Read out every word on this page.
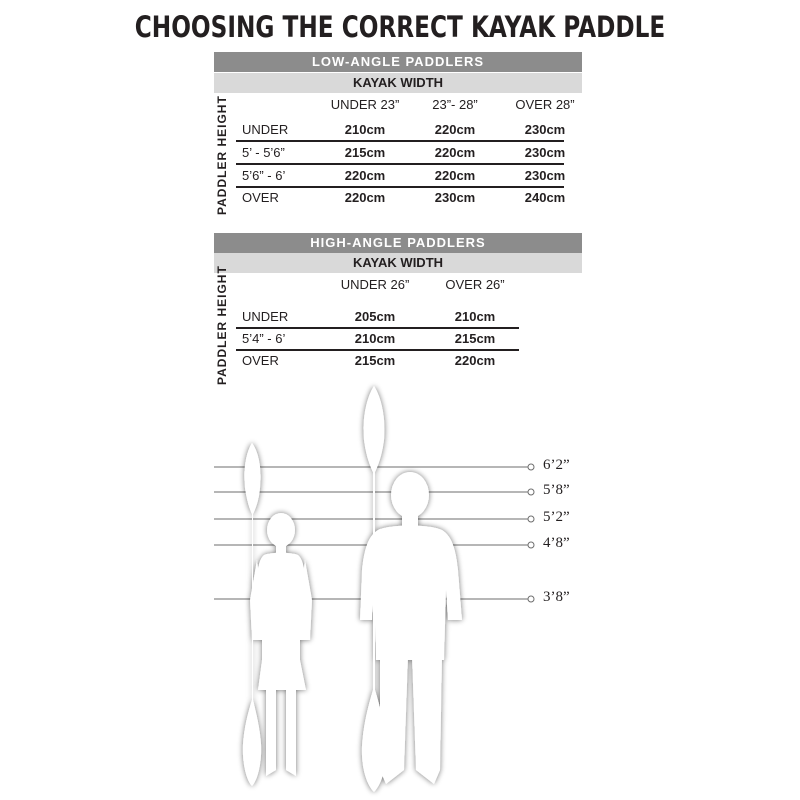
CHOOSING THE CORRECT KAYAK PADDLE
LOW-ANGLE PADDLERS
KAYAK WIDTH
PADDLER HEIGHT	UNDER 23”	23”- 28”	OVER 28”
UNDER	210cm	220cm	230cm
5’ - 5’6”	215cm	220cm	230cm
5’6” - 6’	220cm	220cm	230cm
OVER	220cm	230cm	240cm
HIGH-ANGLE PADDLERS
KAYAK WIDTH
PADDLER HEIGHT	UNDER 26”	OVER 26”
UNDER	205cm	210cm
5’4” - 6’	210cm	215cm
OVER	215cm	220cm
6’2”
5’8”
5’2”
4’8”
3’8”
